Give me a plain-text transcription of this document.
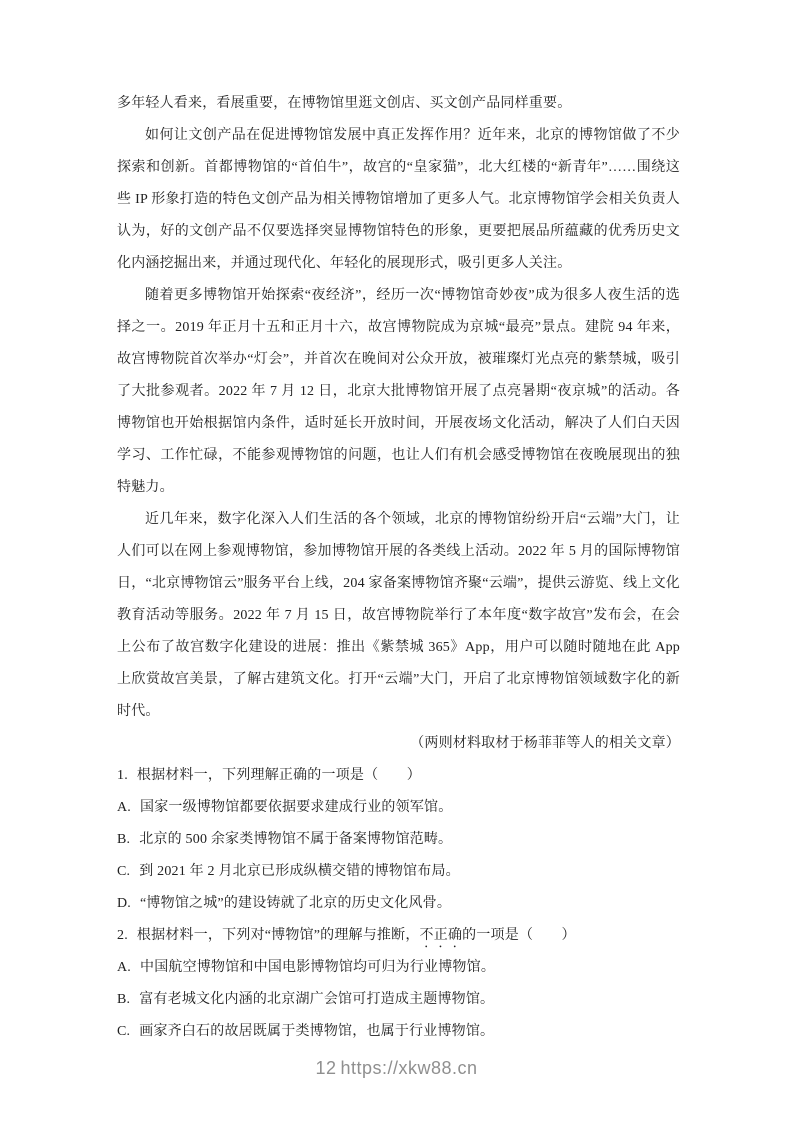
多年轻人看来，看展重要，在博物馆里逛文创店、买文创产品同样重要。

如何让文创产品在促进博物馆发展中真正发挥作用？近年来，北京的博物馆做了不少探索和创新。首都博物馆的“首伯牛”，故宫的“皇家猫”，北大红楼的“新青年”……围绕这些 IP 形象打造的特色文创产品为相关博物馆增加了更多人气。北京博物馆学会相关负责人认为，好的文创产品不仅要选择突显博物馆特色的形象，更要把展品所蕴藏的优秀历史文化内涵挖掘出来，并通过现代化、年轻化的展现形式，吸引更多人关注。

随着更多博物馆开始探索“夜经济”，经历一次“博物馆奇妙夜”成为很多人夜生活的选择之一。2019 年正月十五和正月十六，故宫博物院成为京城“最亮”景点。建院 94 年来，故宫博物院首次举办“灯会”，并首次在晚间对公众开放，被璀璨灯光点亮的紫禁城，吸引了大批参观者。2022 年 7 月 12 日，北京大批博物馆开展了点亮暑期“夜京城”的活动。各博物馆也开始根据馆内条件，适时延长开放时间，开展夜场文化活动，解决了人们白天因学习、工作忙碌，不能参观博物馆的问题，也让人们有机会感受博物馆在夜晚展现出的独特魅力。

近几年来，数字化深入人们生活的各个领域，北京的博物馆纷纷开启“云端”大门，让人们可以在网上参观博物馆，参加博物馆开展的各类线上活动。2022 年 5 月的国际博物馆日，“北京博物馆云”服务平台上线，204 家备案博物馆齐聚“云端”，提供云游览、线上文化教育活动等服务。2022 年 7 月 15 日，故宫博物院举行了本年度“数字故宫”发布会，在会上公布了故宫数字化建设的进展：推出《紫禁城 365》App，用户可以随时随地在此 App 上欣赏故宫美景，了解古建筑文化。打开“云端”大门，开启了北京博物馆领域数字化的新时代。

（两则材料取材于杨菲菲等人的相关文章）

1. 根据材料一，下列理解正确的一项是（　　）

A. 国家一级博物馆都要依据要求建成行业的领军馆。

B. 北京的 500 余家类博物馆不属于备案博物馆范畴。

C. 到 2021 年 2 月北京已形成纵横交错的博物馆布局。

D. “博物馆之城”的建设铸就了北京的历史文化风骨。

2. 根据材料一，下列对“博物馆”的理解与推断，不正确的一项是（　　）

A. 中国航空博物馆和中国电影博物馆均可归为行业博物馆。

B. 富有老城文化内涵的北京湖广会馆可打造成主题博物馆。

C. 画家齐白石的故居既属于类博物馆，也属于行业博物馆。

12 https://xkw88.cn
